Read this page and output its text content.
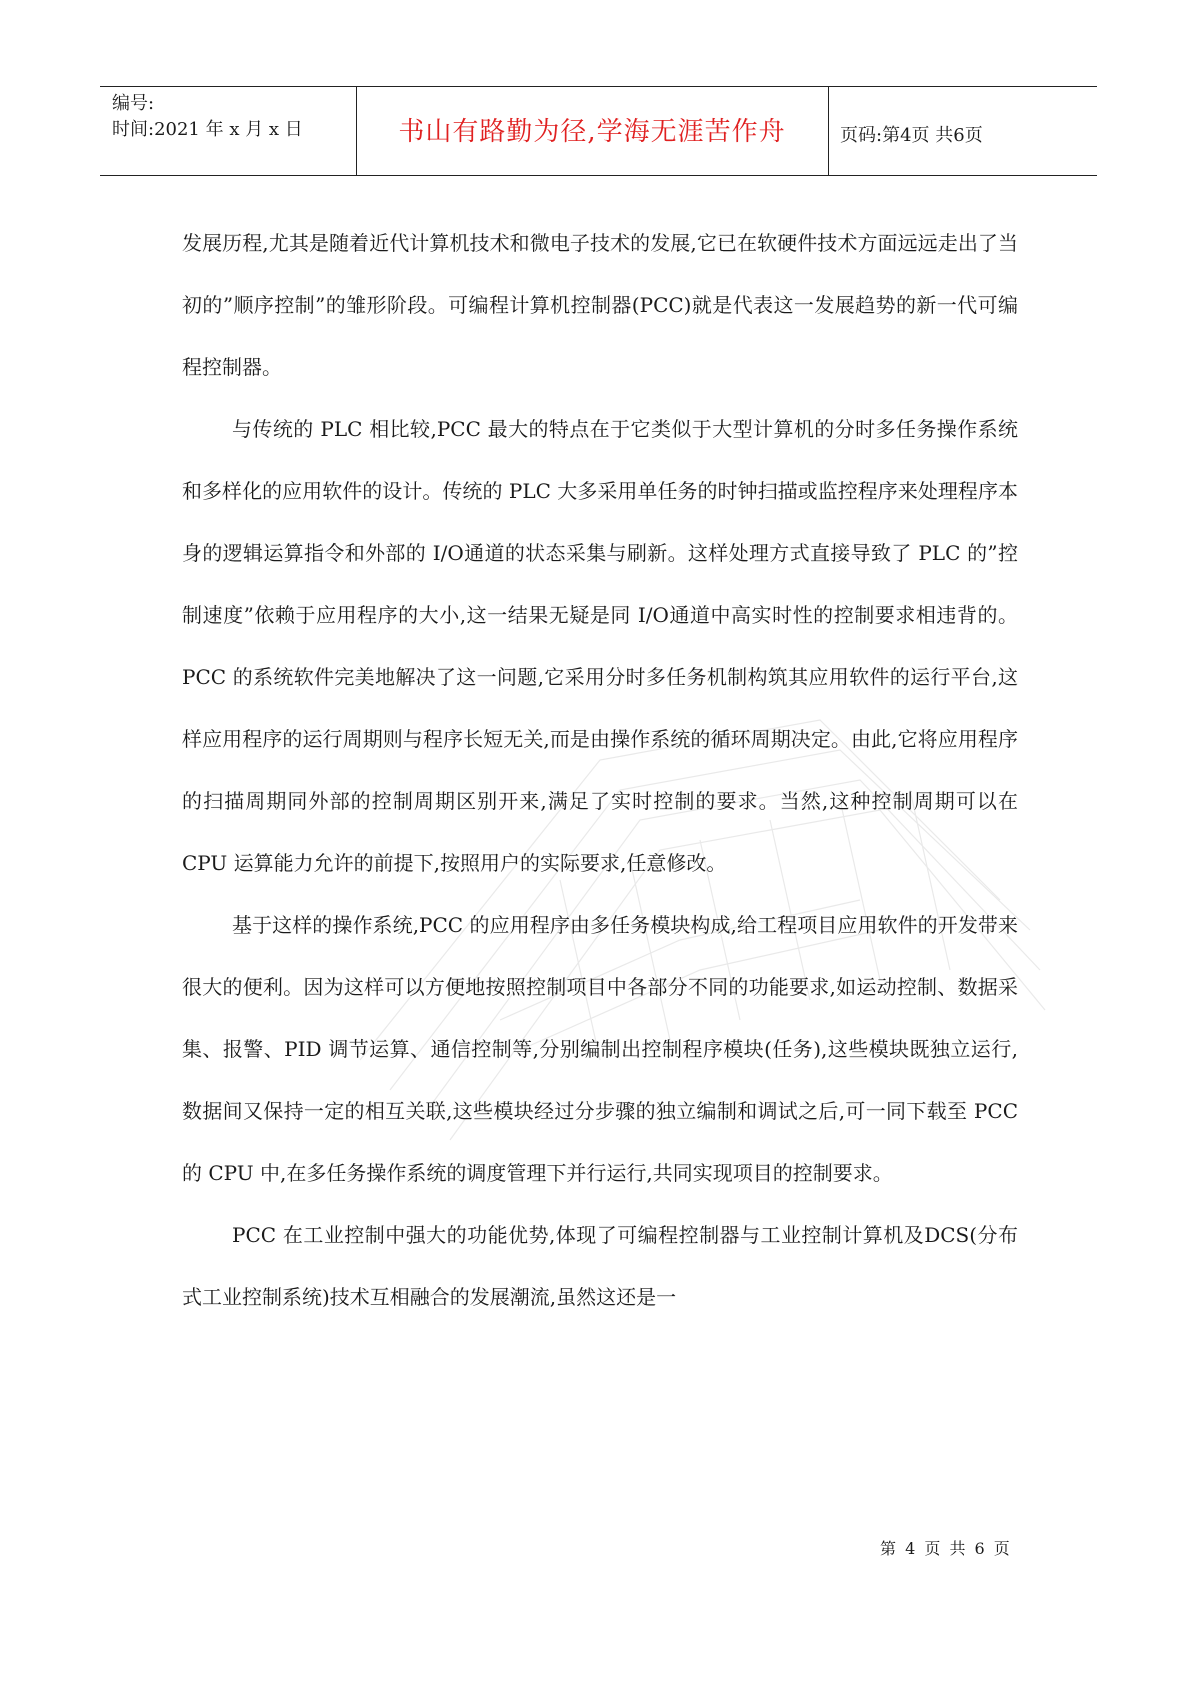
编号:
时间:2021 年 x 月 x 日	书山有路勤为径,学海无涯苦作舟	页码:第4页 共6页

发展历程,尤其是随着近代计算机技术和微电子技术的发展,它已在软硬件技术方面远远走出了当初的”顺序控制”的雏形阶段。可编程计算机控制器(PCC)就是代表这一发展趋势的新一代可编程控制器。

与传统的 PLC 相比较,PCC 最大的特点在于它类似于大型计算机的分时多任务操作系统和多样化的应用软件的设计。传统的 PLC 大多采用单任务的时钟扫描或监控程序来处理程序本身的逻辑运算指令和外部的 I/O通道的状态采集与刷新。这样处理方式直接导致了 PLC 的”控制速度”依赖于应用程序的大小,这一结果无疑是同 I/O通道中高实时性的控制要求相违背的。PCC 的系统软件完美地解决了这一问题,它采用分时多任务机制构筑其应用软件的运行平台,这样应用程序的运行周期则与程序长短无关,而是由操作系统的循环周期决定。由此,它将应用程序的扫描周期同外部的控制周期区别开来,满足了实时控制的要求。当然,这种控制周期可以在CPU 运算能力允许的前提下,按照用户的实际要求,任意修改。

基于这样的操作系统,PCC 的应用程序由多任务模块构成,给工程项目应用软件的开发带来很大的便利。因为这样可以方便地按照控制项目中各部分不同的功能要求,如运动控制、数据采集、报警、PID 调节运算、通信控制等,分别编制出控制程序模块(任务),这些模块既独立运行,数据间又保持一定的相互关联,这些模块经过分步骤的独立编制和调试之后,可一同下载至 PCC 的 CPU 中,在多任务操作系统的调度管理下并行运行,共同实现项目的控制要求。

PCC 在工业控制中强大的功能优势,体现了可编程控制器与工业控制计算机及DCS(分布式工业控制系统)技术互相融合的发展潮流,虽然这还是一

第 4 页 共 6 页
